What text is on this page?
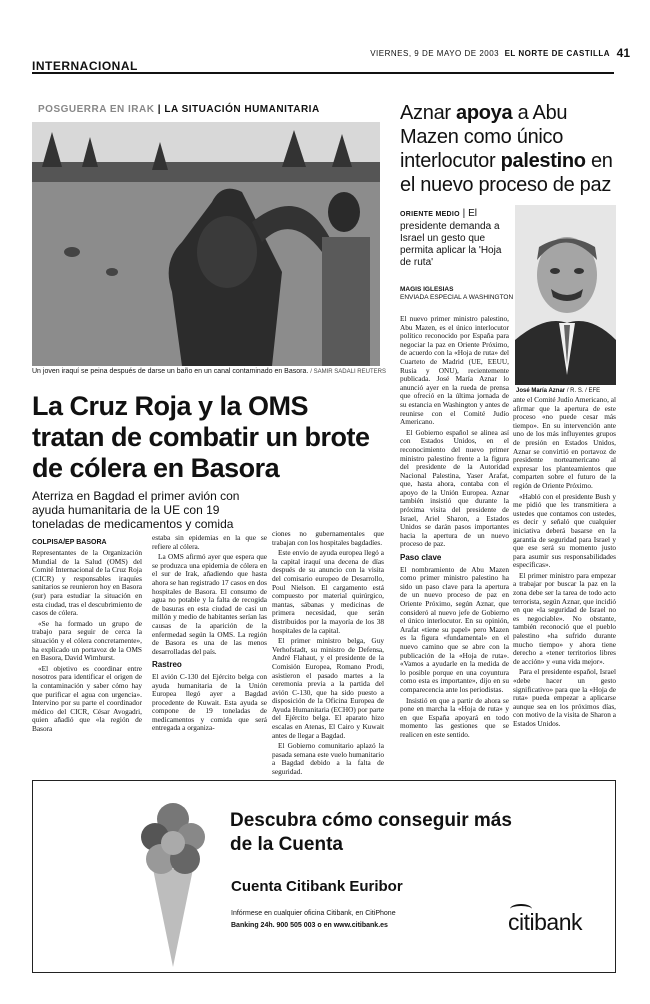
VIERNES, 9 DE MAYO DE 2003 EL NORTE DE CASTILLA 41
INTERNACIONAL
POSGUERRA EN IRAK | LA SITUACIÓN HUMANITARIA
Un joven iraquí se peina después de darse un baño en un canal contaminado en Basora. / SAMIR SADALI REUTERS
La Cruz Roja y la OMS tratan de combatir un brote de cólera en Basora
Aterriza en Bagdad el primer avión con ayuda humanitaria de la UE con 19 toneladas de medicamentos y comida
COLPISA/EP BASORA

Representantes de la Organización Mundial de la Salud (OMS) del Comité Internacional de la Cruz Roja (CICR) y responsables iraquíes sanitarios se reunieron hoy en Basora (sur) para estudiar la situación en esta ciudad, tras el descubrimiento de casos de cólera.

«Se ha formado un grupo de trabajo para seguir de cerca la situación y el cólera concretamente», ha explicado un portavoz de la OMS en Basora, David Wimhurst.

«El objetivo es coordinar entre nosotros para identificar el origen de la contaminación y saber cómo hay que purificar el agua con urgencia». Intervino por su parte el coordinador médico del CICR, César Avogadri, quien añadió que «la región de Basora

estaba sin epidemias en la que se refiere al cólera.

La OMS afirmó ayer que espera que se produzca una epidemia de cólera en el sur de Irak, añadiendo que hasta ahora se han registrado 17 casos en dos hospitales de Basora. El consumo de agua no potable y la falta de recogida de basuras en esta ciudad de casi un millón y medio de habitantes serían las causas de la aparición de la enfermedad según la OMS. La región de Basora es una de las menos desarrolladas del país.

Rastreo

El avión C-130 del Ejército belga con ayuda humanitaria de la Unión Europea llegó ayer a Bagdad procedente de Kuwait. Esta ayuda se compone de 19 toneladas de medicamentos y comida que será entregada a organiza-

ciones no gubernamentales que trabajan con los hospitales bagdadíes.

Este envío de ayuda europea llegó a la capital iraquí una decena de días después de su anuncio con la visita del comisario europeo de Desarrollo, Poul Nielson. El cargamento está compuesto por material quirúrgico, mantas, sábanas y medicinas de primera necesidad, que serán distribuidos por la mayoría de los 38 hospitales de la capital.

El primer ministro belga, Guy Verhofstadt, su ministro de Defensa, André Flahaut, y el presidente de la Comisión Europea, Romano Prodi, asistieron el pasado martes a la ceremonia previa a la partida del avión C-130, que ha sido puesto a disposición de la Oficina Europea de Ayuda Humanitaria (ECHO) por parte del Ejército belga. El aparato hizo escalas en Atenas, El Cairo y Kuwait antes de llegar a Bagdad.

El Gobierno comunitario aplazó la pasada semana este vuelo humanitario a Bagdad debido a la falta de seguridad.

Aznar apoya a Abu Mazen como único interlocutor palestino en el nuevo proceso de paz
ORIENTE MEDIO | El presidente demanda a Israel un gesto que permita aplicar la 'Hoja de ruta'
MAGIS IGLESIAS
ENVIADA ESPECIAL A WASHINGTON

El nuevo primer ministro palestino, Abu Mazen, es el único interlocutor político reconocido por España para negociar la paz en Oriente Próximo, de acuerdo con la «Hoja de ruta» del Cuarteto de Madrid (UE, EEUU, Rusia y ONU), recientemente publicada. José María Aznar lo anunció ayer en la rueda de prensa que ofreció en la última jornada de su estancia en Washington y antes de reunirse con el Comité Judío Americano.

El Gobierno español se alinea así con Estados Unidos, en el reconocimiento del nuevo primer ministro palestino frente a la figura del presidente de la Autoridad Nacional Palestina, Yaser Arafat, que, hasta ahora, contaba con el apoyo de la Unión Europea. Aznar también insistió que durante la próxima visita del presidente de Israel, Ariel Sharon, a Estados Unidos se darán pasos importantes hacia la apertura de un nuevo proceso de paz.

Paso clave

El nombramiento de Abu Mazen como primer ministro palestino ha sido un paso clave para la apertura de un nuevo proceso de paz en Oriente Próximo, según Aznar, que consideró al nuevo jefe de Gobierno el único interlocutor. En su opinión, Arafat «tiene su papel» pero Mazen es la figura «fundamental» en el nuevo camino que se abre con la publicación de la «Hoja de ruta». «Vamos a ayudarle en la medida de lo posible porque en una coyuntura como esta es importante», dijo en su comparecencia ante los periodistas.

Insistió en que a partir de ahora se pone en marcha la «Hoja de ruta» y en que España apoyará en todo momento las gestiones que se realicen en este sentido.

José María Aznar / R. S. / EFE

ante el Comité Judío Americano, al afirmar que la apertura de este proceso «no puede cesar más tiempo». En su intervención ante uno de los más influyentes grupos de presión en Estados Unidos, Aznar se convirtió en portavoz de presidente norteamericano al expresar los planteamientos que comparten sobre el futuro de la región de Oriente Próximo.

«Habló con el presidente Bush y me pidió que les transmitiera a ustedes que contamos con ustedes, es decir y señaló que cualquier iniciativa deberá basarse en la garantía de seguridad para Israel y que ese será su momento justo para asumir sus responsabilidades específicas».

El primer ministro para empezar a trabajar por buscar la paz en la zona debe ser la tarea de todo acto terrorista, según Aznar, que incidió en que «la seguridad de Israel no es negociable». No obstante, también reconoció que el pueblo palestino «ha sufrido durante mucho tiempo» y ahora tiene derecho a «tener territorios libres de acción» y «una vida mejor».

Para el presidente español, Israel «debe hacer un gesto significativo» para que la «Hoja de ruta» pueda empezar a aplicarse aunque sea en los próximos días, con motivo de la visita de Sharon a Estados Unidos.

Descubra cómo conseguir más de la Cuenta
Cuenta Citibank Euribor
Infórmese en cualquier oficina Citibank, en CitiPhone
Banking 24h. 900 505 003 o en www.citibank.es	citibank
